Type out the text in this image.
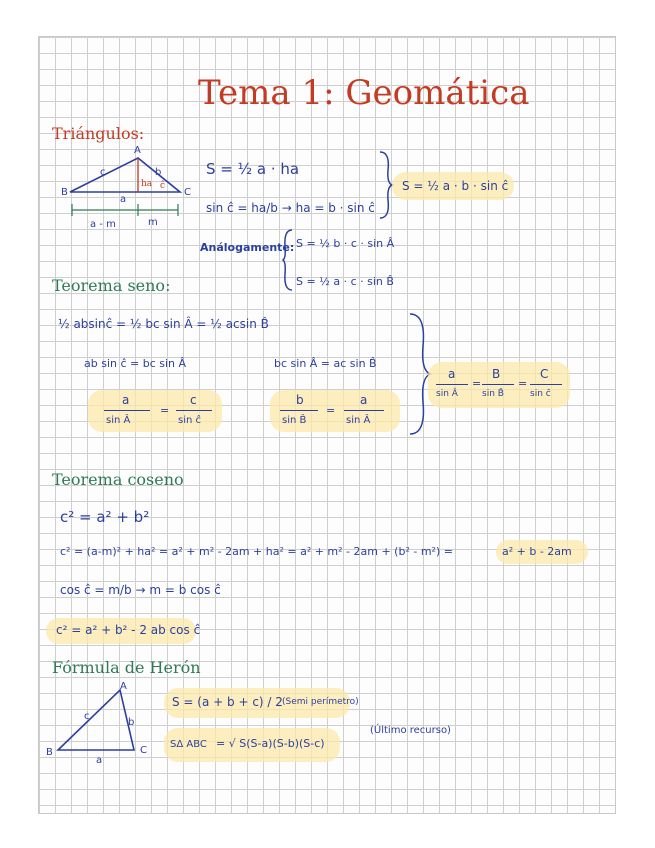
Tema 1: Geomática
Triángulos:
A
B	C
c	b
a
ha ĉ
a - m	m
S = ½ a · ha
sin ĉ = ha/b → ha = b · sin ĉ
S = ½ a · b · sin ĉ
Análogamente: S = ½ b · c · sin Â
S = ½ a · c · sin B̂
Teorema seno:
½ absinĉ = ½ bc sin Â = ½ acsin B̂
ab sin ĉ = bc sin Â	bc sin Â = ac sin B̂
a
sin Â
=
c
sin ĉ
b
sin B̂
=
a
sin Â
a
sin Â
=
B
sin B̂
=
C
sin ĉ
Teorema coseno
c² = a² + b²
c² = (a-m)² + ha² = a² + m² - 2am + ha² = a² + m² - 2am + (b² - m²) =	a² + b - 2am
cos ĉ = m/b → m = b cos ĉ
c² = a² + b² - 2 ab cos ĉ
Fórmula de Herón
A
B	C
c
b
a
S = (a + b + c) / 2 (Semi perímetro)
SΔ ABC = √ S(S-a)(S-b)(S-c)
(Último recurso)
